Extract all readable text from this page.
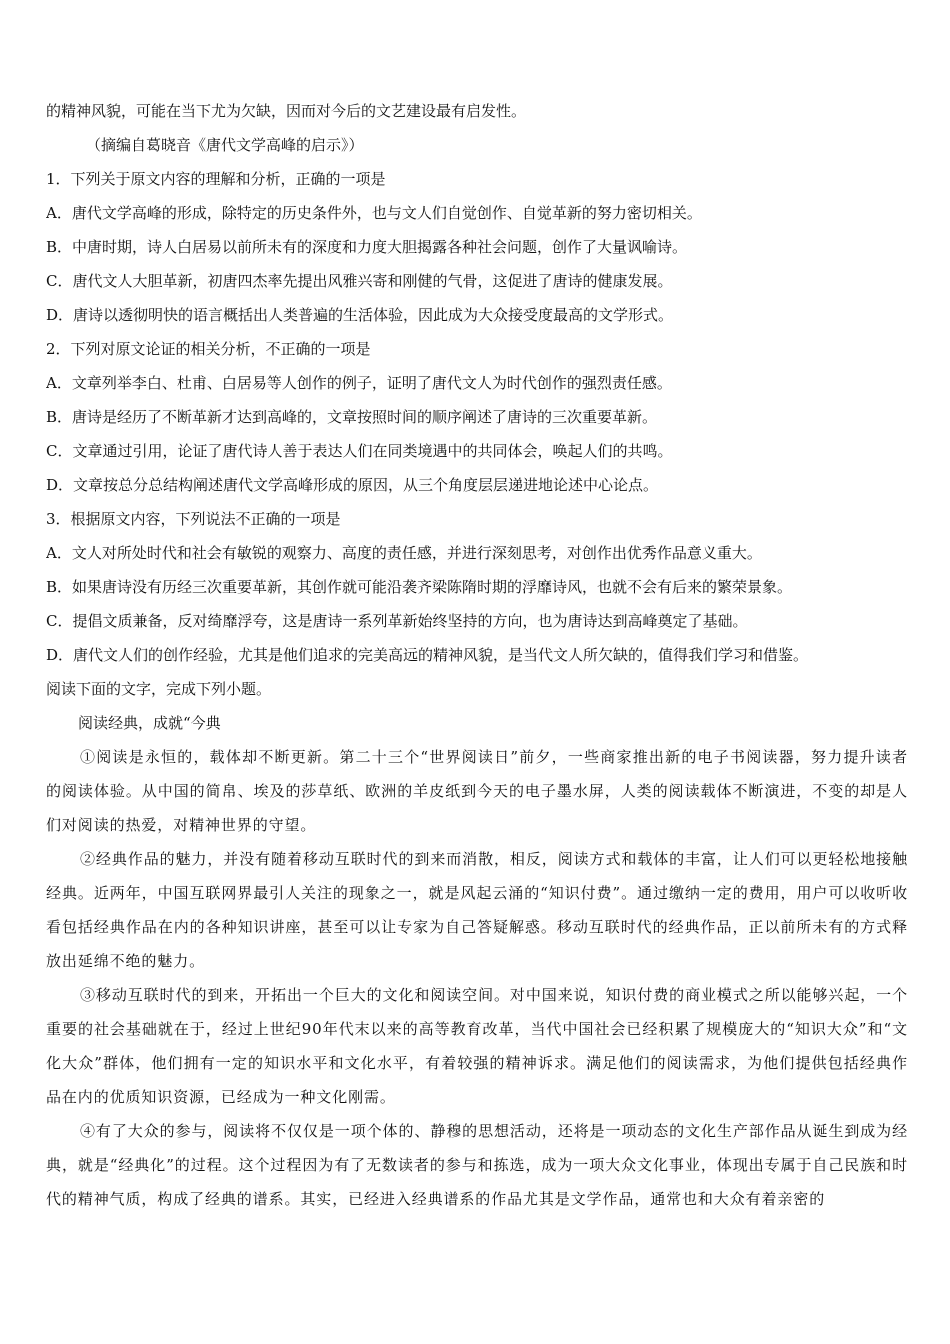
的精神风貌，可能在当下尤为欠缺，因而对今后的文艺建设最有启发性。
（摘编自葛晓音《唐代文学高峰的启示》）
1．下列关于原文内容的理解和分析，正确的一项是
A．唐代文学高峰的形成，除特定的历史条件外，也与文人们自觉创作、自觉革新的努力密切相关。
B．中唐时期，诗人白居易以前所未有的深度和力度大胆揭露各种社会问题，创作了大量讽喻诗。
C．唐代文人大胆革新，初唐四杰率先提出风雅兴寄和刚健的气骨，这促进了唐诗的健康发展。
D．唐诗以透彻明快的语言概括出人类普遍的生活体验，因此成为大众接受度最高的文学形式。
2．下列对原文论证的相关分析，不正确的一项是
A．文章列举李白、杜甫、白居易等人创作的例子，证明了唐代文人为时代创作的强烈责任感。
B．唐诗是经历了不断革新才达到高峰的，文章按照时间的顺序阐述了唐诗的三次重要革新。
C．文章通过引用，论证了唐代诗人善于表达人们在同类境遇中的共同体会，唤起人们的共鸣。
D．文章按总分总结构阐述唐代文学高峰形成的原因，从三个角度层层递进地论述中心论点。
3．根据原文内容，下列说法不正确的一项是
A．文人对所处时代和社会有敏锐的观察力、高度的责任感，并进行深刻思考，对创作出优秀作品意义重大。
B．如果唐诗没有历经三次重要革新，其创作就可能沿袭齐梁陈隋时期的浮靡诗风，也就不会有后来的繁荣景象。
C．提倡文质兼备，反对绮靡浮夸，这是唐诗一系列革新始终坚持的方向，也为唐诗达到高峰奠定了基础。
D．唐代文人们的创作经验，尤其是他们追求的完美高远的精神风貌，是当代文人所欠缺的，值得我们学习和借鉴。
阅读下面的文字，完成下列小题。
阅读经典，成就“今典
①阅读是永恒的，载体却不断更新。第二十三个“世界阅读日”前夕，一些商家推出新的电子书阅读器，努力提升读者的阅读体验。从中国的简帛、埃及的莎草纸、欧洲的羊皮纸到今天的电子墨水屏，人类的阅读载体不断演进，不变的却是人们对阅读的热爱，对精神世界的守望。
②经典作品的魅力，并没有随着移动互联时代的到来而消散，相反，阅读方式和载体的丰富，让人们可以更轻松地接触经典。近两年，中国互联网界最引人关注的现象之一，就是风起云涌的“知识付费”。通过缴纳一定的费用，用户可以收听收看包括经典作品在内的各种知识讲座，甚至可以让专家为自己答疑解惑。移动互联时代的经典作品，正以前所未有的方式释放出延绵不绝的魅力。
③移动互联时代的到来，开拓出一个巨大的文化和阅读空间。对中国来说，知识付费的商业模式之所以能够兴起，一个重要的社会基础就在于，经过上世纪90年代末以来的高等教育改革，当代中国社会已经积累了规模庞大的“知识大众”和“文化大众”群体，他们拥有一定的知识水平和文化水平，有着较强的精神诉求。满足他们的阅读需求，为他们提供包括经典作品在内的优质知识资源，已经成为一种文化刚需。
④有了大众的参与，阅读将不仅仅是一项个体的、静穆的思想活动，还将是一项动态的文化生产部作品从诞生到成为经典，就是“经典化”的过程。这个过程因为有了无数读者的参与和拣选，成为一项大众文化事业，体现出专属于自己民族和时代的精神气质，构成了经典的谱系。其实，已经进入经典谱系的作品尤其是文学作品，通常也和大众有着亲密的
